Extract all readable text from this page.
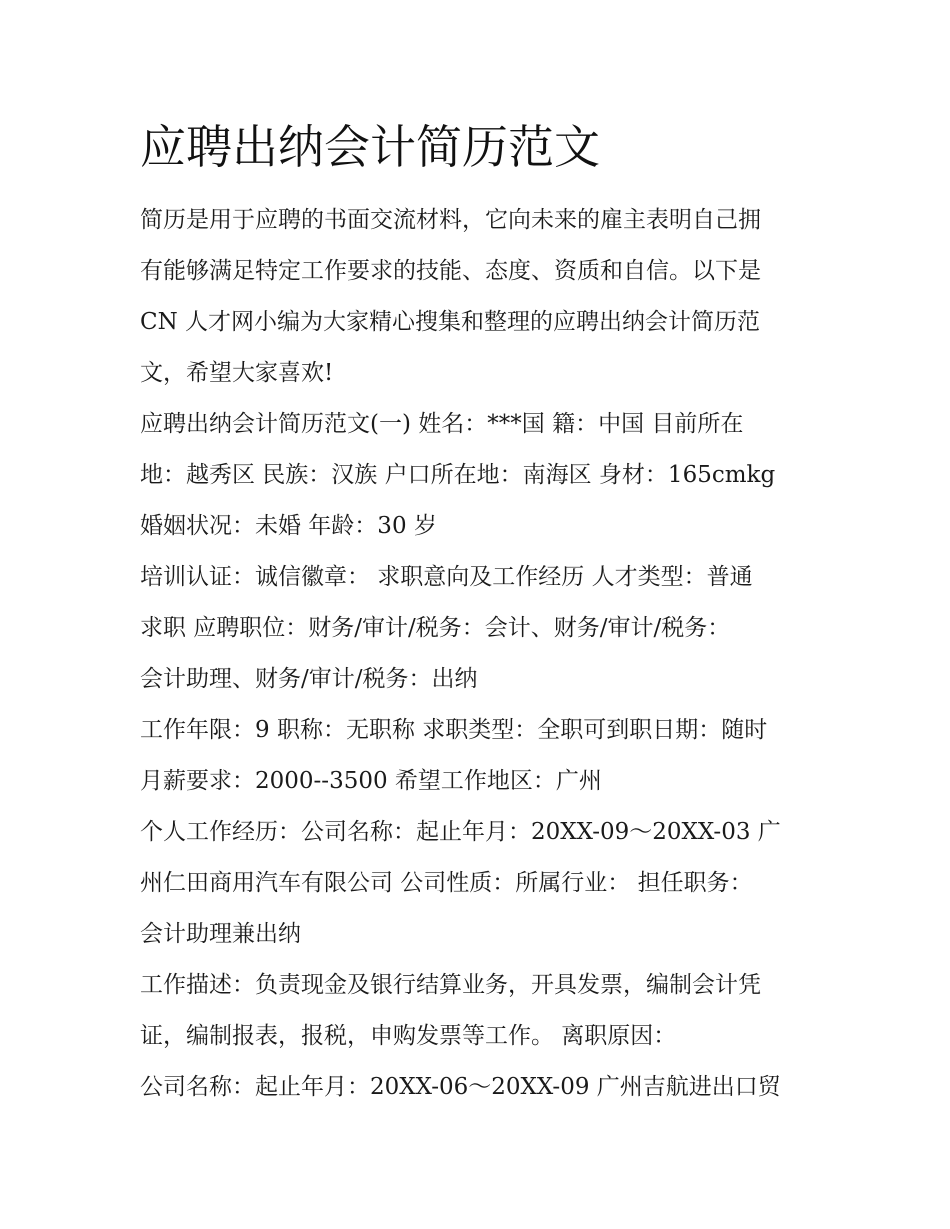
应聘出纳会计简历范文

简历是用于应聘的书面交流材料，它向未来的雇主表明自己拥
有能够满足特定工作要求的技能、态度、资质和自信。以下是
CN 人才网小编为大家精心搜集和整理的应聘出纳会计简历范
文，希望大家喜欢!

应聘出纳会计简历范文(一) 姓名：***国 籍：中国 目前所在
地：越秀区 民族：汉族 户口所在地：南海区 身材：165cmkg
婚姻状况：未婚 年龄：30 岁

培训认证：诚信徽章： 求职意向及工作经历 人才类型：普通
求职 应聘职位：财务/审计/税务：会计、财务/审计/税务：
会计助理、财务/审计/税务：出纳

工作年限：9 职称：无职称 求职类型：全职可到职日期：随时
月薪要求：2000--3500 希望工作地区：广州

个人工作经历：公司名称：起止年月：20XX-09～20XX-03 广
州仁田商用汽车有限公司 公司性质：所属行业： 担任职务：
会计助理兼出纳

工作描述：负责现金及银行结算业务，开具发票，编制会计凭
证，编制报表，报税，申购发票等工作。 离职原因：

公司名称：起止年月：20XX-06～20XX-09 广州吉航进出口贸
